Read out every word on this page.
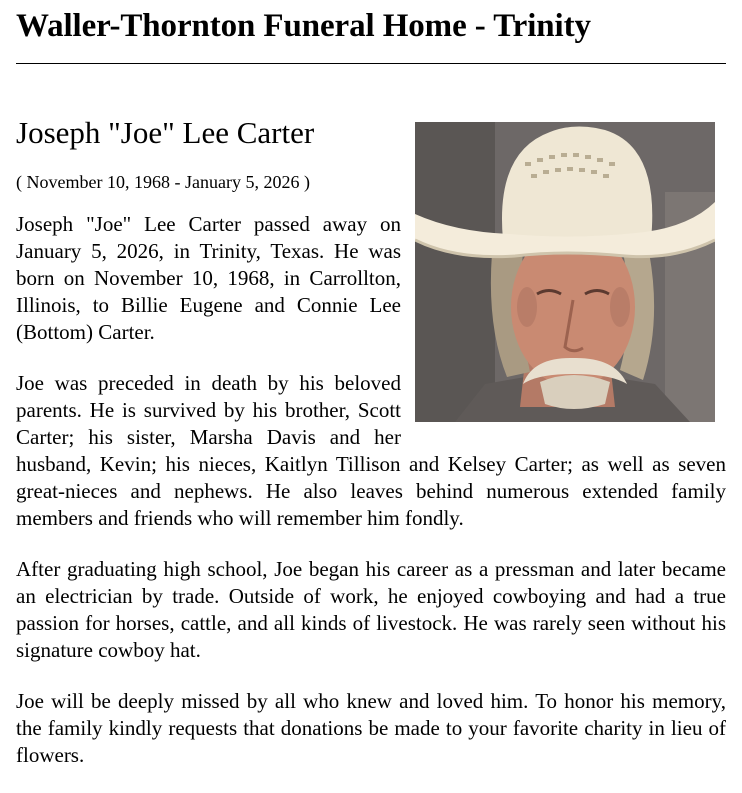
Waller-Thornton Funeral Home - Trinity
Joseph "Joe" Lee Carter

( November 10, 1968 - January 5, 2026 )

Joseph "Joe" Lee Carter passed away on January 5, 2026, in Trinity, Texas. He was born on November 10, 1968, in Carrollton, Illinois, to Billie Eugene and Connie Lee (Bottom) Carter.

Joe was preceded in death by his beloved parents. He is survived by his brother, Scott Carter; his sister, Marsha Davis and her husband, Kevin; his nieces, Kaitlyn Tillison and Kelsey Carter; as well as seven great-nieces and nephews. He also leaves behind numerous extended family members and friends who will remember him fondly.

After graduating high school, Joe began his career as a pressman and later became an electrician by trade. Outside of work, he enjoyed cowboying and had a true passion for horses, cattle, and all kinds of livestock. He was rarely seen without his signature cowboy hat.

Joe will be deeply missed by all who knew and loved him. To honor his memory, the family kindly requests that donations be made to your favorite charity in lieu of flowers.
